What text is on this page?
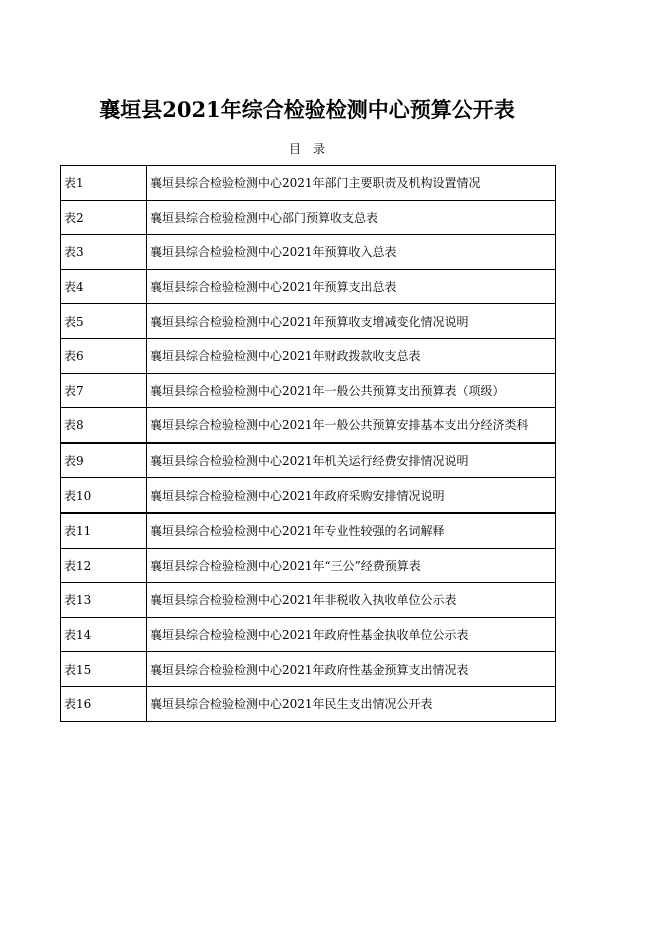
襄垣县2021年综合检验检测中心预算公开表
目　录
表1	襄垣县综合检验检测中心2021年部门主要职责及机构设置情况
表2	襄垣县综合检验检测中心部门预算收支总表
表3	襄垣县综合检验检测中心2021年预算收入总表
表4	襄垣县综合检验检测中心2021年预算支出总表
表5	襄垣县综合检验检测中心2021年预算收支增减变化情况说明
表6	襄垣县综合检验检测中心2021年财政拨款收支总表
表7	襄垣县综合检验检测中心2021年一般公共预算支出预算表（项级）
表8	襄垣县综合检验检测中心2021年一般公共预算安排基本支出分经济类科
表9	襄垣县综合检验检测中心2021年机关运行经费安排情况说明
表10	襄垣县综合检验检测中心2021年政府采购安排情况说明
表11	襄垣县综合检验检测中心2021年专业性较强的名词解释
表12	襄垣县综合检验检测中心2021年“三公”经费预算表
表13	襄垣县综合检验检测中心2021年非税收入执收单位公示表
表14	襄垣县综合检验检测中心2021年政府性基金执收单位公示表
表15	襄垣县综合检验检测中心2021年政府性基金预算支出情况表
表16	襄垣县综合检验检测中心2021年民生支出情况公开表
